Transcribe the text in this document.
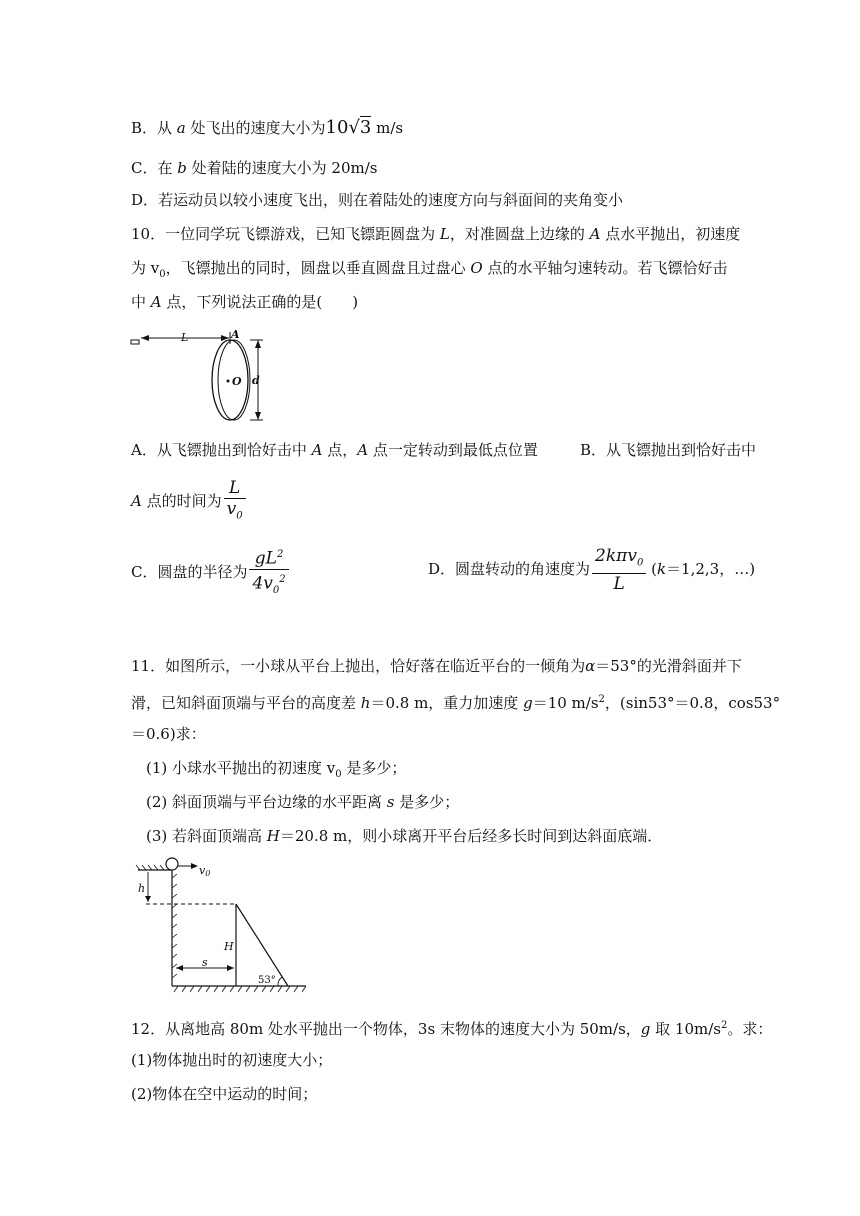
B．从 a 处飞出的速度大小为10√3 m/s
C．在 b 处着陆的速度大小为 20m/s
D．若运动员以较小速度飞出，则在着陆处的速度方向与斜面间的夹角变小
10．一位同学玩飞镖游戏，已知飞镖距圆盘为 L，对准圆盘上边缘的 A 点水平抛出，初速度
为 $v_0$，飞镖抛出的同时，圆盘以垂直圆盘且过盘心 O 点的水平轴匀速转动。若飞镖恰好击
中 A 点，下列说法正确的是(　　)
L	A
O d
A．从飞镖抛出到恰好击中 A 点，A 点一定转动到最低点位置	B．从飞镖抛出到恰好击中
A 点的时间为 $\frac{L}{v_0}$
C．圆盘的半径为 $\frac{gL^2}{4v_0^2}$	D．圆盘转动的角速度为 $\frac{2k\pi v_0}{L} (k=1,2,3$，…)
11．如图所示，一小球从平台上抛出，恰好落在临近平台的一倾角为α＝53°的光滑斜面并下
滑，已知斜面顶端与平台的高度差 h＝0.8 m，重力加速度 g＝10 $m/s^2$，(sin53°＝0.8，cos53°
＝0.6)求：
(1) 小球水平抛出的初速度 $v_0$ 是多少；
(2) 斜面顶端与平台边缘的水平距离 s 是多少；
(3) 若斜面顶端高 H＝20.8 m，则小球离开平台后经多长时间到达斜面底端．
v0
h
H
53°
s
12．从离地高 80m 处水平抛出一个物体，3s 末物体的速度大小为 50m/s，g 取 $10m/s^2$。求：
(1)物体抛出时的初速度大小；
(2)物体在空中运动的时间；
